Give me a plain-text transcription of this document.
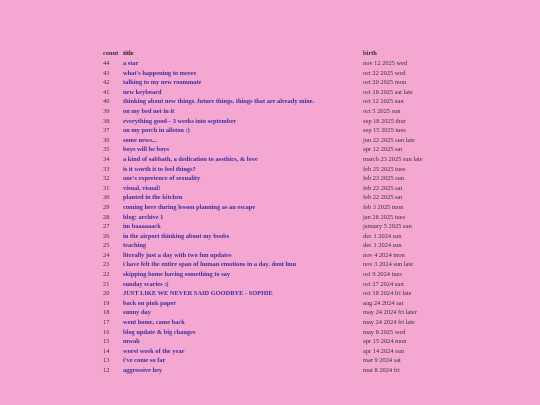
count title	birth
44	a star	nov 12 2025 wed
43	what's happening to meeee	oct 22 2025 wed
42	talking to my new roommate	oct 20 2025 mon
41	new keyboard	oct 18 2025 sat late
40	thinking about new things. future things. things that are already mine.	oct 12 2025 sun
39	on my bed not in it	oct 5 2025 sun
38	everything good-- 3 weeks into september	sep 18 2025 thur
37	on my porch in allston :)	sep 15 2025 tues
36	some news...	jun 22 2025 sun late
35	boys will be boys	apr 12 2025 sat
34	a kind of sabbath, a dedication to aesthics, & love	march 23 2025 sun late
33	is it worth it to feel things?	feb 25 2025 tues
32	one's experience of sexuality	feb 23 2025 sun
31	visual, visual!	feb 22 2025 sat
30	planted in the kitchen	feb 22 2025 sat
29	coming here during lesson planning as an escape	feb 3 2025 mon
28	blog: archive 1	jan 28 2025 tues
27	im baaaaaack	january 5 2025 sun
26	in the airport thinking about my boobs	dec 1 2024 sun
25	teaching	dec 1 2024 sun
24	literally just a day with two fun updates	nov 4 2024 mon
23	i have felt the entire span of human emotions in a day. dont lmu	nov 3 2024 sun late
22	skipping home having something to say	oct 9 2024 tues
21	sunday scaries :(	oct 27 2024 sun
20	JUST LIKE WE NEVER SAID GOODBYE - SOPHIE	oct 18 2024 fri late
19	back on pink paper	aug 24 2024 sat
18	sunny day	may 24 2024 fri later
17	went home, came back	may 24 2024 fri late
16	blog update & big changes	may 8 2025 wed
15	mwah	apr 15 2024 mon
14	worst week of the year	apr 14 2024 sun
13	i've come so far	mar 9 2024 sat
12	aggressive hey	mar 8 2024 fri
